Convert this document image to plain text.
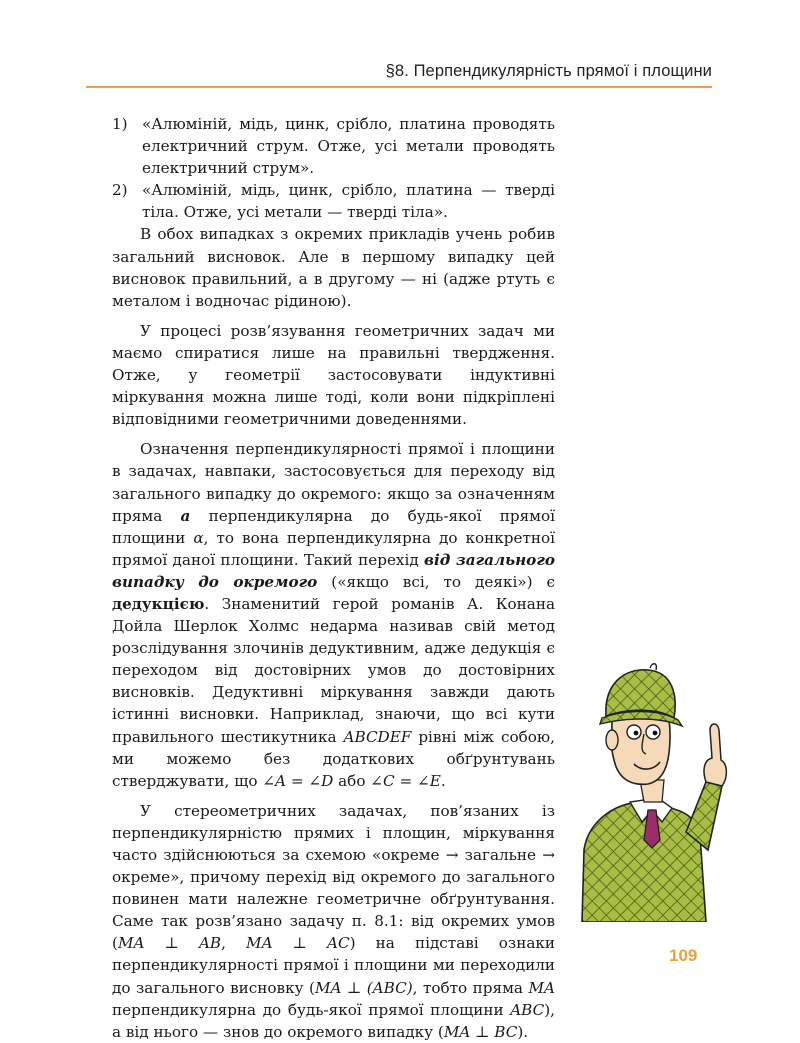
§8. Перпендикулярність прямої і площини
1) «Алюміній, мідь, цинк, срібло, платина проводять електричний струм. Отже, усі метали проводять електричний струм».
2) «Алюміній, мідь, цинк, срібло, платина — тверді тіла. Отже, усі метали — тверді тіла».

В обох випадках з окремих прикладів учень робив загальний висновок. Але в першому випадку цей висновок правильний, а в другому — ні (адже ртуть є металом і водночас рідиною).

У процесі розв’язування геометричних задач ми маємо спиратися лише на правильні твердження. Отже, у геометрії застосовувати індуктивні міркування можна лише тоді, коли вони підкріплені відповідними геометричними доведеннями.

Означення перпендикулярності прямої і площини в задачах, навпаки, застосовується для переходу від загального випадку до окремого: якщо за означенням пряма a перпендикулярна до будь-якої прямої площини α, то вона перпендикулярна до конкретної прямої даної площини. Такий перехід від загального випадку до окремого («якщо всі, то деякі») є дедукцією. Знаменитий герой романів А. Конана Дойла Шерлок Холмс недарма називав свій метод розслідування злочинів дедуктивним, адже дедукція є переходом від достовірних умов до достовірних висновків. Дедуктивні міркування завжди дають істинні висновки. Наприклад, знаючи, що всі кути правильного шестикутника ABCDEF рівні між собою, ми можемо без додаткових обґрунтувань стверджувати, що ∠A = ∠D або ∠C = ∠E.

У стереометричних задачах, пов’язаних із перпендикулярністю прямих і площин, міркування часто здійснюються за схемою «окреме → загальне → окреме», причому перехід від окремого до загального повинен мати належне геометричне обґрунтування. Саме так розв’язано задачу п. 8.1: від окремих умов (MA ⊥ AB, MA ⊥ AC) на підставі ознаки перпендикулярності прямої і площини ми переходили до загального висновку (MA ⊥ (ABC), тобто пряма MA перпендикулярна до будь-якої прямої площини ABC), а від нього — знов до окремого випадку (MA ⊥ BC).

109
